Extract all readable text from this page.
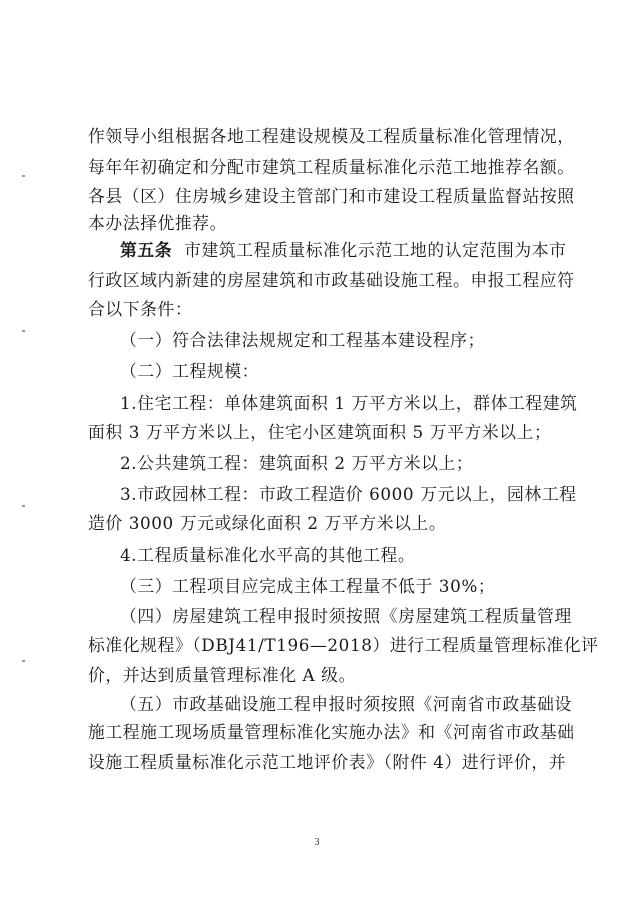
作领导小组根据各地工程建设规模及工程质量标准化管理情况，
每年年初确定和分配市建筑工程质量标准化示范工地推荐名额。
各县（区）住房城乡建设主管部门和市建设工程质量监督站按照
本办法择优推荐。
第五条 市建筑工程质量标准化示范工地的认定范围为本市
行政区域内新建的房屋建筑和市政基础设施工程。申报工程应符
合以下条件：
（一）符合法律法规规定和工程基本建设程序；
（二）工程规模：
1.住宅工程：单体建筑面积 1 万平方米以上，群体工程建筑
面积 3 万平方米以上，住宅小区建筑面积 5 万平方米以上；
2.公共建筑工程：建筑面积 2 万平方米以上；
3.市政园林工程：市政工程造价 6000 万元以上，园林工程
造价 3000 万元或绿化面积 2 万平方米以上。
4.工程质量标准化水平高的其他工程。
（三）工程项目应完成主体工程量不低于 30%；
（四）房屋建筑工程申报时须按照《房屋建筑工程质量管理
标准化规程》（DBJ41/T196—2018）进行工程质量管理标准化评
价，并达到质量管理标准化 A 级。
（五）市政基础设施工程申报时须按照《河南省市政基础设
施工程施工现场质量管理标准化实施办法》和《河南省市政基础
设施工程质量标准化示范工地评价表》（附件 4）进行评价，并
3
